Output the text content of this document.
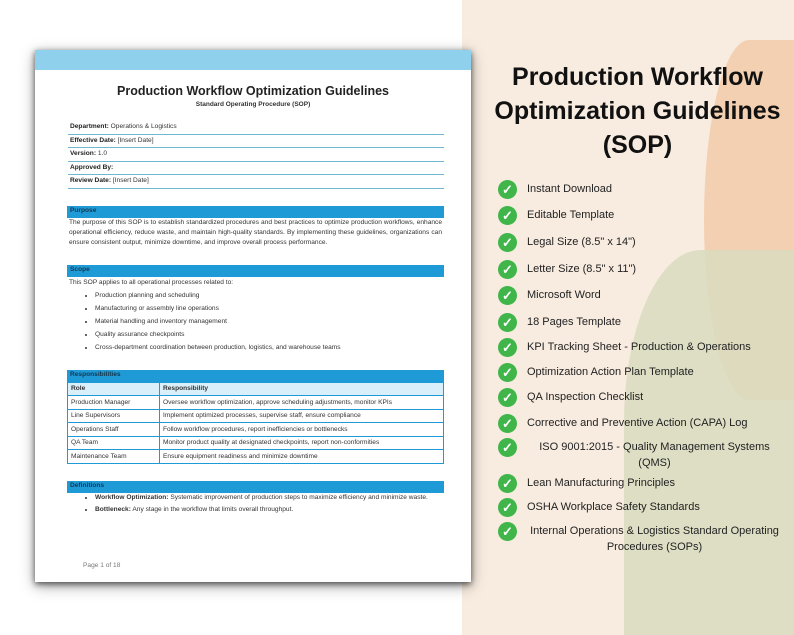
Production Workflow Optimization Guidelines
Standard Operating Procedure (SOP)
Department: Operations & Logistics
Effective Date: [Insert Date]
Version: 1.0
Approved By:
Review Date: [Insert Date]
Purpose
The purpose of this SOP is to establish standardized procedures and best practices to optimize production workflows, enhance operational efficiency, reduce waste, and maintain high-quality standards. By implementing these guidelines, organizations can ensure consistent output, minimize downtime, and improve overall process performance.
Scope
This SOP applies to all operational processes related to:
• Production planning and scheduling
• Manufacturing or assembly line operations
• Material handling and inventory management
• Quality assurance checkpoints
• Cross-department coordination between production, logistics, and warehouse teams
Responsibilities
Role	Responsibility
Production Manager	Oversee workflow optimization, approve scheduling adjustments, monitor KPIs
Line Supervisors	Implement optimized processes, supervise staff, ensure compliance
Operations Staff	Follow workflow procedures, report inefficiencies or bottlenecks
QA Team	Monitor product quality at designated checkpoints, report non-conformities
Maintenance Team	Ensure equipment readiness and minimize downtime
Definitions
• Workflow Optimization: Systematic improvement of production steps to maximize efficiency and minimize waste.
• Bottleneck: Any stage in the workflow that limits overall throughput.
Page 1 of 18
Production Workflow Optimization Guidelines (SOP)
✓	Instant Download
✓	Editable Template
✓	Legal Size (8.5" x 14")
✓	Letter Size (8.5" x 11")
✓	Microsoft Word
✓	18 Pages Template
✓	KPI Tracking Sheet - Production & Operations
✓	Optimization Action Plan Template
✓	QA Inspection Checklist
✓	Corrective and Preventive Action (CAPA) Log
✓	ISO 9001:2015 - Quality Management Systems (QMS)
✓	Lean Manufacturing Principles
✓	OSHA Workplace Safety Standards
✓	Internal Operations & Logistics Standard Operating Procedures (SOPs)
